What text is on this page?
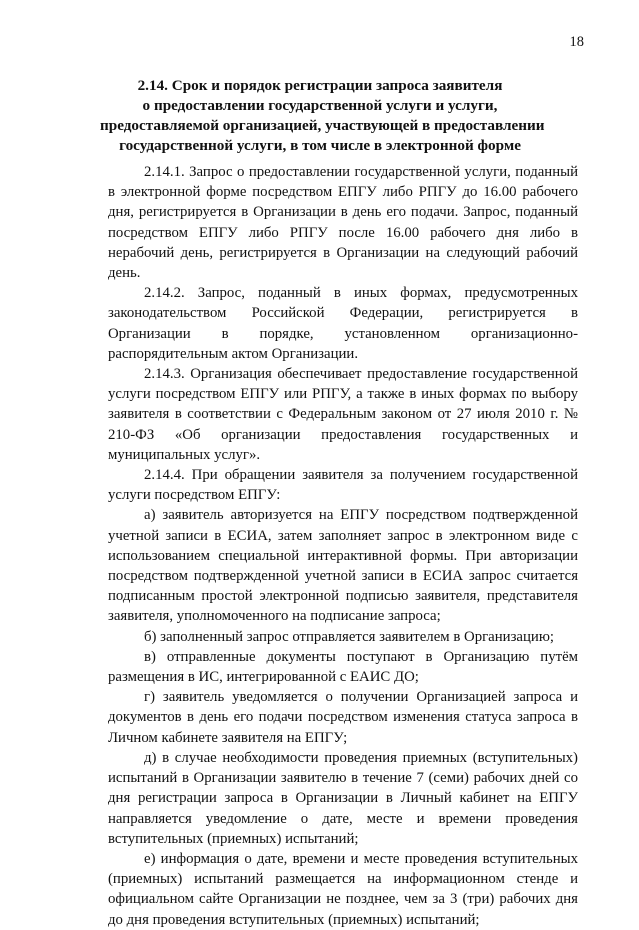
18
2.14. Срок и порядок регистрации запроса заявителя
о предоставлении государственной услуги и услуги,
предоставляемой организацией, участвующей в предоставлении
государственной услуги, в том числе в электронной форме

2.14.1. Запрос о предоставлении государственной услуги, поданный в электронной форме посредством ЕПГУ либо РПГУ до 16.00 рабочего дня, регистрируется в Организации в день его подачи. Запрос, поданный посредством ЕПГУ либо РПГУ после 16.00 рабочего дня либо в нерабочий день, регистрируется в Организации на следующий рабочий день.

2.14.2. Запрос, поданный в иных формах, предусмотренных законодательством Российской Федерации, регистрируется в Организации в порядке, установленном организационно-распорядительным актом Организации.

2.14.3. Организация обеспечивает предоставление государственной услуги посредством ЕПГУ или РПГУ, а также в иных формах по выбору заявителя в соответствии с Федеральным законом от 27 июля 2010 г. № 210-ФЗ «Об организации предоставления государственных и муниципальных услуг».

2.14.4. При обращении заявителя за получением государственной услуги посредством ЕПГУ:

а) заявитель авторизуется на ЕПГУ посредством подтвержденной учетной записи в ЕСИА, затем заполняет запрос в электронном виде с использованием специальной интерактивной формы. При авторизации посредством подтвержденной учетной записи в ЕСИА запрос считается подписанным простой электронной подписью заявителя, представителя заявителя, уполномоченного на подписание запроса;

б) заполненный запрос отправляется заявителем в Организацию;

в) отправленные документы поступают в Организацию путём размещения в ИС, интегрированной с ЕАИС ДО;

г) заявитель уведомляется о получении Организацией запроса и документов в день его подачи посредством изменения статуса запроса в Личном кабинете заявителя на ЕПГУ;

д) в случае необходимости проведения приемных (вступительных) испытаний в Организации заявителю в течение 7 (семи) рабочих дней со дня регистрации запроса в Организации в Личный кабинет на ЕПГУ направляется уведомление о дате, месте и времени проведения вступительных (приемных) испытаний;

е) информация о дате, времени и месте проведения вступительных (приемных) испытаний размещается на информационном стенде и официальном сайте Организации не позднее, чем за 3 (три) рабочих дня до дня проведения вступительных (приемных) испытаний;
